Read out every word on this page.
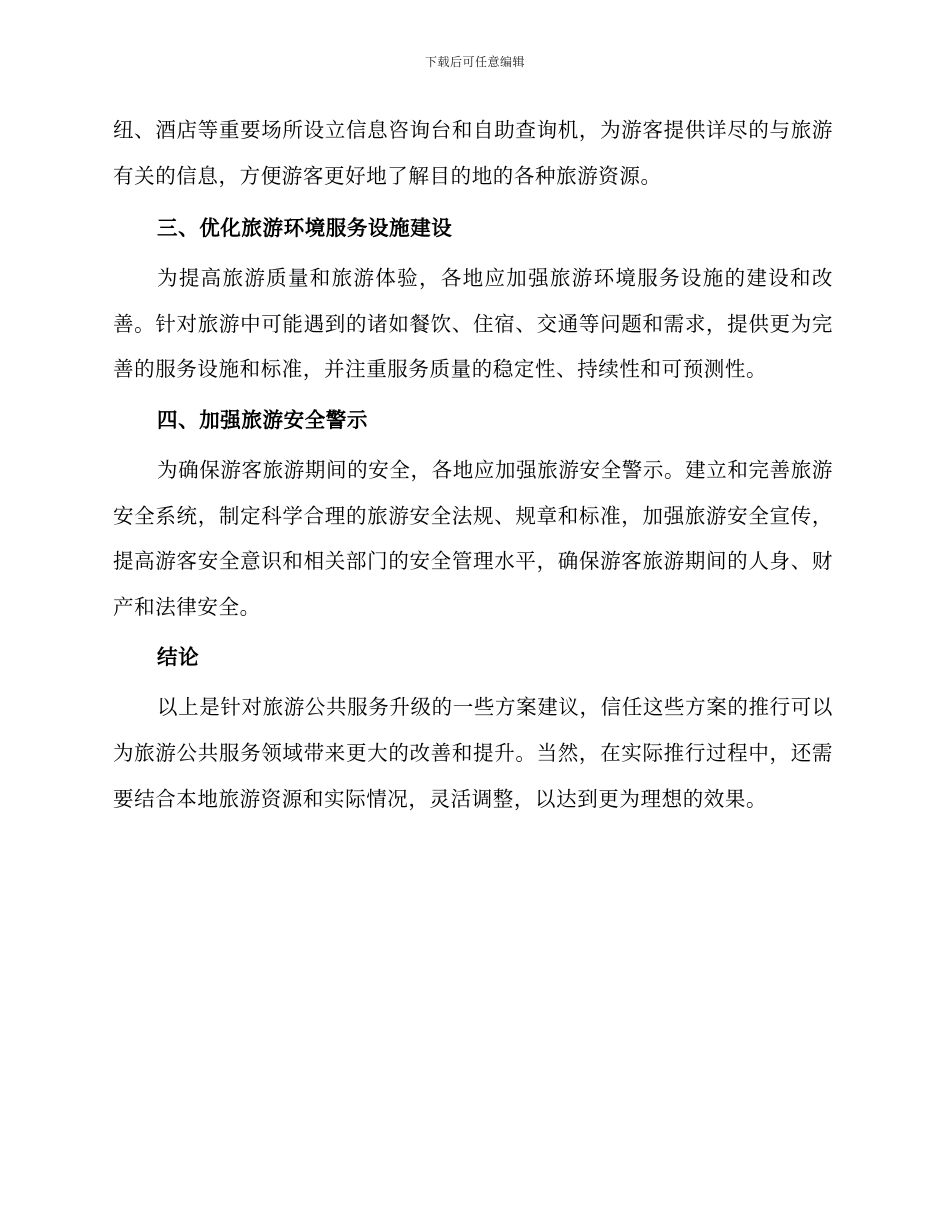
下载后可任意编辑

纽、酒店等重要场所设立信息咨询台和自助查询机，为游客提供详尽的与旅游有关的信息，方便游客更好地了解目的地的各种旅游资源。

三、优化旅游环境服务设施建设

为提高旅游质量和旅游体验，各地应加强旅游环境服务设施的建设和改善。针对旅游中可能遇到的诸如餐饮、住宿、交通等问题和需求，提供更为完善的服务设施和标准，并注重服务质量的稳定性、持续性和可预测性。

四、加强旅游安全警示

为确保游客旅游期间的安全，各地应加强旅游安全警示。建立和完善旅游安全系统，制定科学合理的旅游安全法规、规章和标准，加强旅游安全宣传，提高游客安全意识和相关部门的安全管理水平，确保游客旅游期间的人身、财产和法律安全。

结论

以上是针对旅游公共服务升级的一些方案建议，信任这些方案的推行可以为旅游公共服务领域带来更大的改善和提升。当然，在实际推行过程中，还需要结合本地旅游资源和实际情况，灵活调整，以达到更为理想的效果。
